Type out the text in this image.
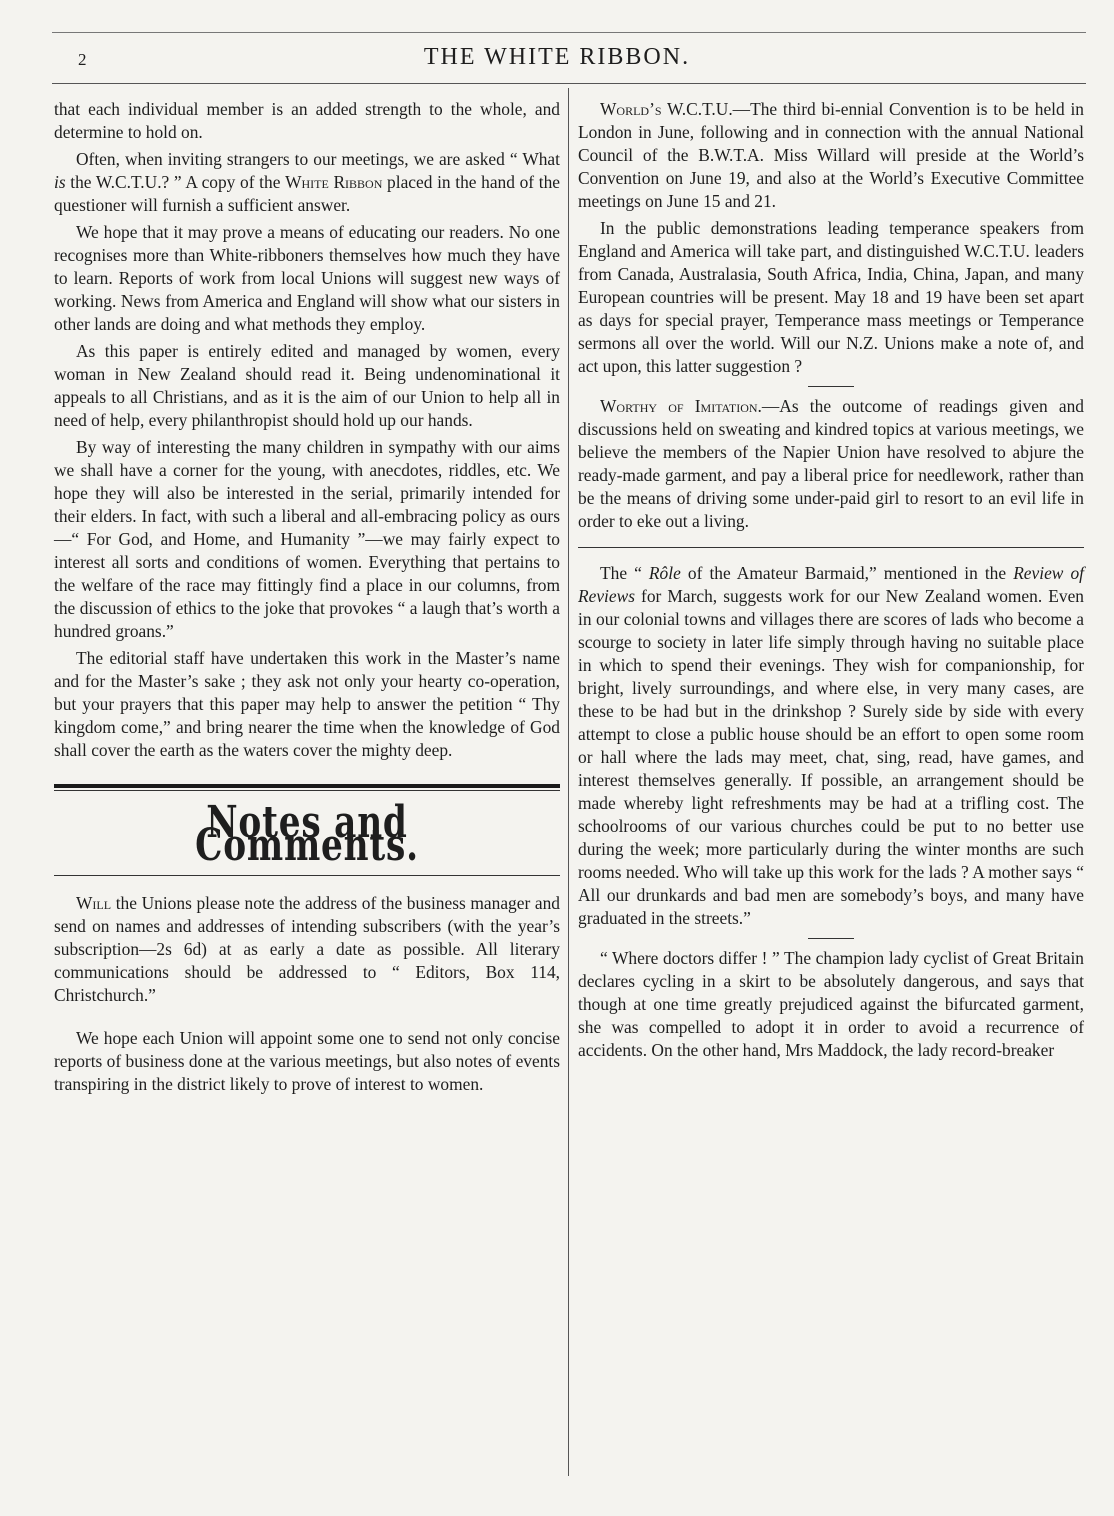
2	THE WHITE RIBBON.

that each individual member is an added strength to the whole, and determine to hold on.

Often, when inviting strangers to our meetings, we are asked “ What is the W.C.T.U.? ” A copy of the White Ribbon placed in the hand of the questioner will furnish a sufficient answer.

We hope that it may prove a means of educating our readers. No one recognises more than White-ribboners themselves how much they have to learn. Reports of work from local Unions will suggest new ways of working. News from America and England will show what our sisters in other lands are doing and what methods they employ.

As this paper is entirely edited and managed by women, every woman in New Zealand should read it. Being undenominational it appeals to all Christians, and as it is the aim of our Union to help all in need of help, every philanthropist should hold up our hands.

By way of interesting the many children in sympathy with our aims we shall have a corner for the young, with anecdotes, riddles, etc. We hope they will also be interested in the serial, primarily intended for their elders. In fact, with such a liberal and all-embracing policy as ours —“ For God, and Home, and Humanity ”—we may fairly expect to interest all sorts and conditions of women. Everything that pertains to the welfare of the race may fittingly find a place in our columns, from the discussion of ethics to the joke that provokes “ a laugh that’s worth a hundred groans.”

The editorial staff have undertaken this work in the Master’s name and for the Master’s sake ; they ask not only your hearty co-operation, but your prayers that this paper may help to answer the petition “ Thy kingdom come,” and bring nearer the time when the knowledge of God shall cover the earth as the waters cover the mighty deep.

Notes and Comments.

Will the Unions please note the address of the business manager and send on names and addresses of intending subscribers (with the year’s subscription—2s 6d) at as early a date as possible. All literary communications should be addressed to “ Editors, Box 114, Christchurch.”

We hope each Union will appoint some one to send not only concise reports of business done at the various meetings, but also notes of events transpiring in the district likely to prove of interest to women.

World’s W.C.T.U.—The third bi-ennial Convention is to be held in London in June, following and in connection with the annual National Council of the B.W.T.A. Miss Willard will preside at the World’s Convention on June 19, and also at the World’s Executive Committee meetings on June 15 and 21.

In the public demonstrations leading temperance speakers from England and America will take part, and distinguished W.C.T.U. leaders from Canada, Australasia, South Africa, India, China, Japan, and many European countries will be present. May 18 and 19 have been set apart as days for special prayer, Temperance mass meetings or Temperance sermons all over the world. Will our N.Z. Unions make a note of, and act upon, this latter suggestion ?

Worthy of Imitation.—As the outcome of readings given and discussions held on sweating and kindred topics at various meetings, we believe the members of the Napier Union have resolved to abjure the ready-made garment, and pay a liberal price for needlework, rather than be the means of driving some under-paid girl to resort to an evil life in order to eke out a living.

The “ Rôle of the Amateur Barmaid,” mentioned in the Review of Reviews for March, suggests work for our New Zealand women. Even in our colonial towns and villages there are scores of lads who become a scourge to society in later life simply through having no suitable place in which to spend their evenings. They wish for companionship, for bright, lively surroundings, and where else, in very many cases, are these to be had but in the drinkshop ? Surely side by side with every attempt to close a public house should be an effort to open some room or hall where the lads may meet, chat, sing, read, have games, and interest themselves generally. If possible, an arrangement should be made whereby light refreshments may be had at a trifling cost. The schoolrooms of our various churches could be put to no better use during the week; more particularly during the winter months are such rooms needed. Who will take up this work for the lads ? A mother says “ All our drunkards and bad men are somebody’s boys, and many have graduated in the streets.”

“ Where doctors differ ! ” The champion lady cyclist of Great Britain declares cycling in a skirt to be absolutely dangerous, and says that though at one time greatly prejudiced against the bifurcated garment, she was compelled to adopt it in order to avoid a recurrence of accidents. On the other hand, Mrs Maddock, the lady record-breaker
